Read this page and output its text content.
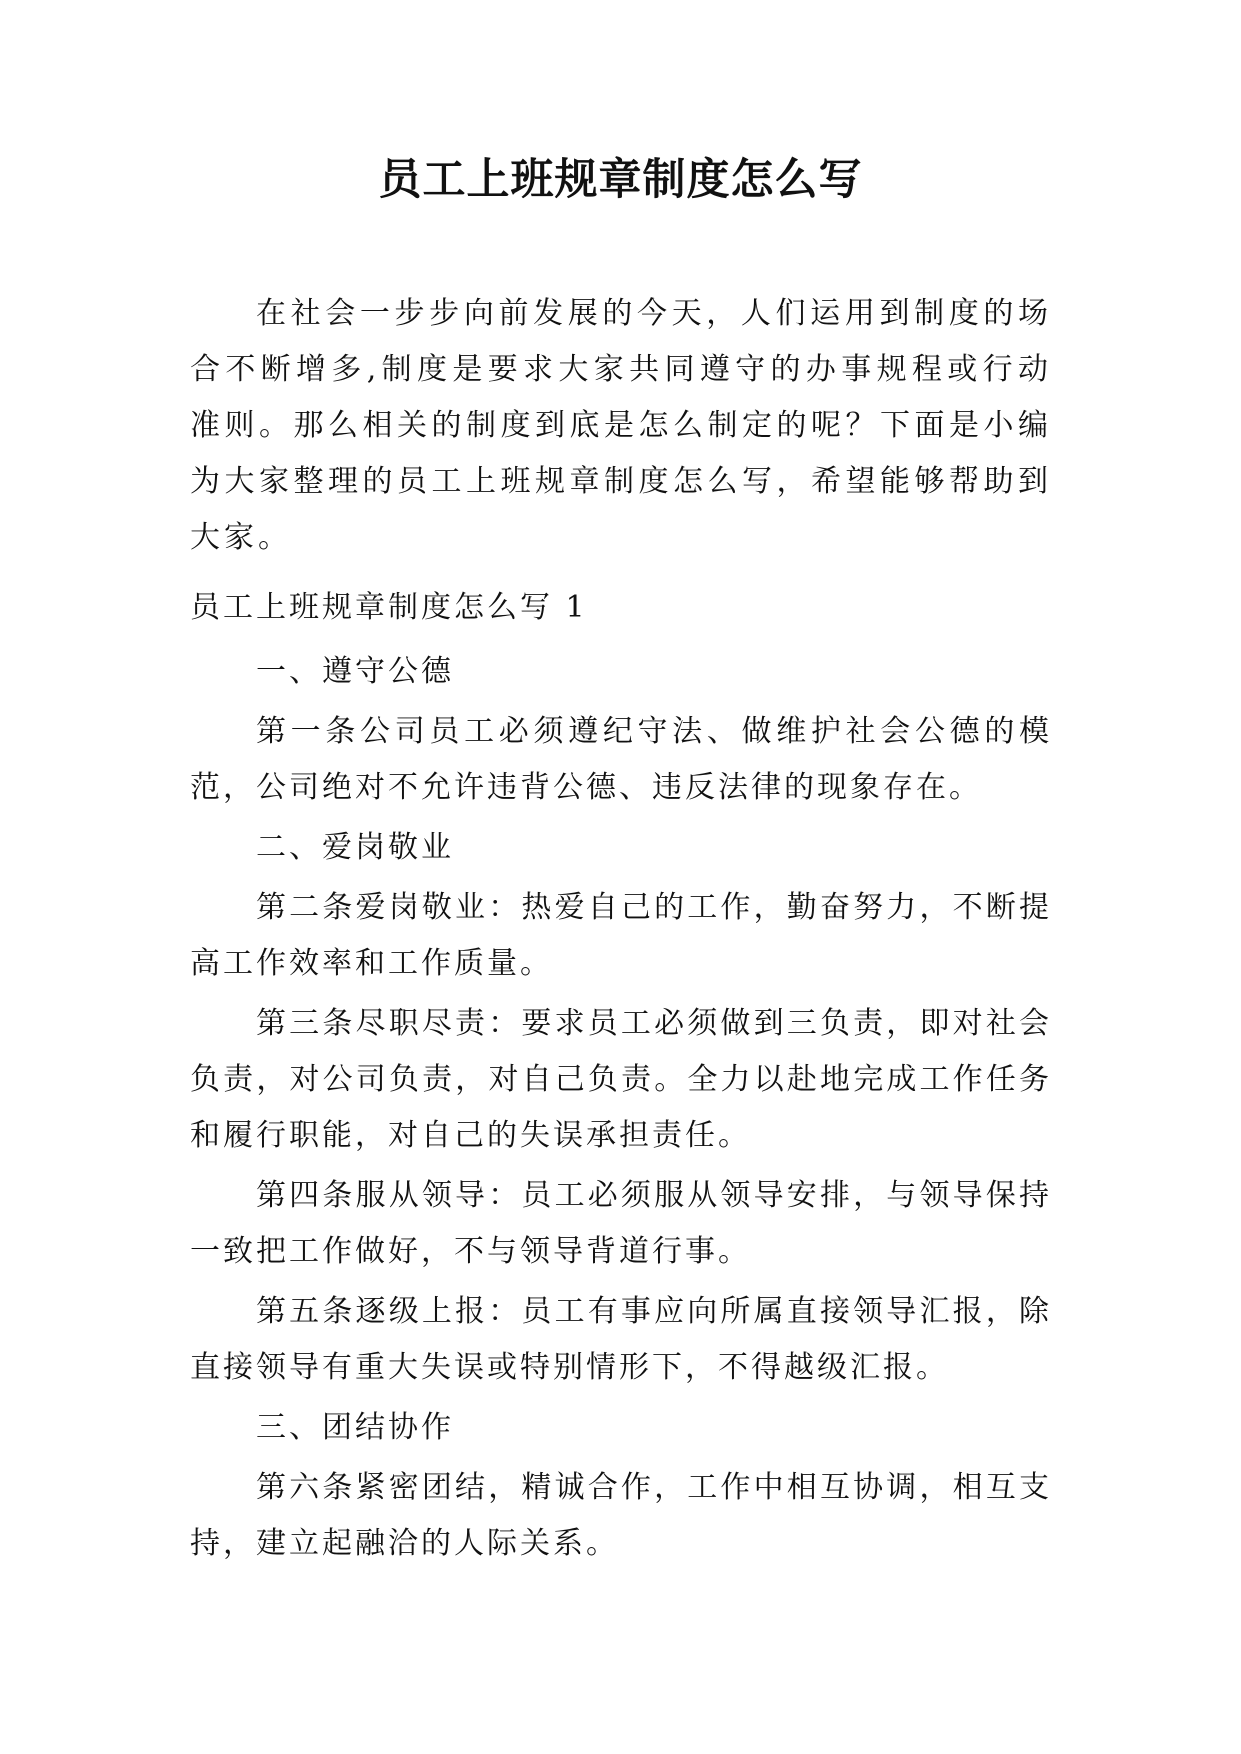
员工上班规章制度怎么写

在社会一步步向前发展的今天，人们运用到制度的场合不断增多,制度是要求大家共同遵守的办事规程或行动准则。那么相关的制度到底是怎么制定的呢？下面是小编为大家整理的员工上班规章制度怎么写，希望能够帮助到大家。

员工上班规章制度怎么写 1

一、遵守公德

第一条公司员工必须遵纪守法、做维护社会公德的模范，公司绝对不允许违背公德、违反法律的现象存在。

二、爱岗敬业

第二条爱岗敬业：热爱自己的工作，勤奋努力，不断提高工作效率和工作质量。

第三条尽职尽责：要求员工必须做到三负责，即对社会负责，对公司负责，对自己负责。全力以赴地完成工作任务和履行职能，对自己的失误承担责任。

第四条服从领导：员工必须服从领导安排，与领导保持一致把工作做好，不与领导背道行事。

第五条逐级上报：员工有事应向所属直接领导汇报，除直接领导有重大失误或特别情形下，不得越级汇报。

三、团结协作

第六条紧密团结，精诚合作，工作中相互协调，相互支持，建立起融洽的人际关系。
